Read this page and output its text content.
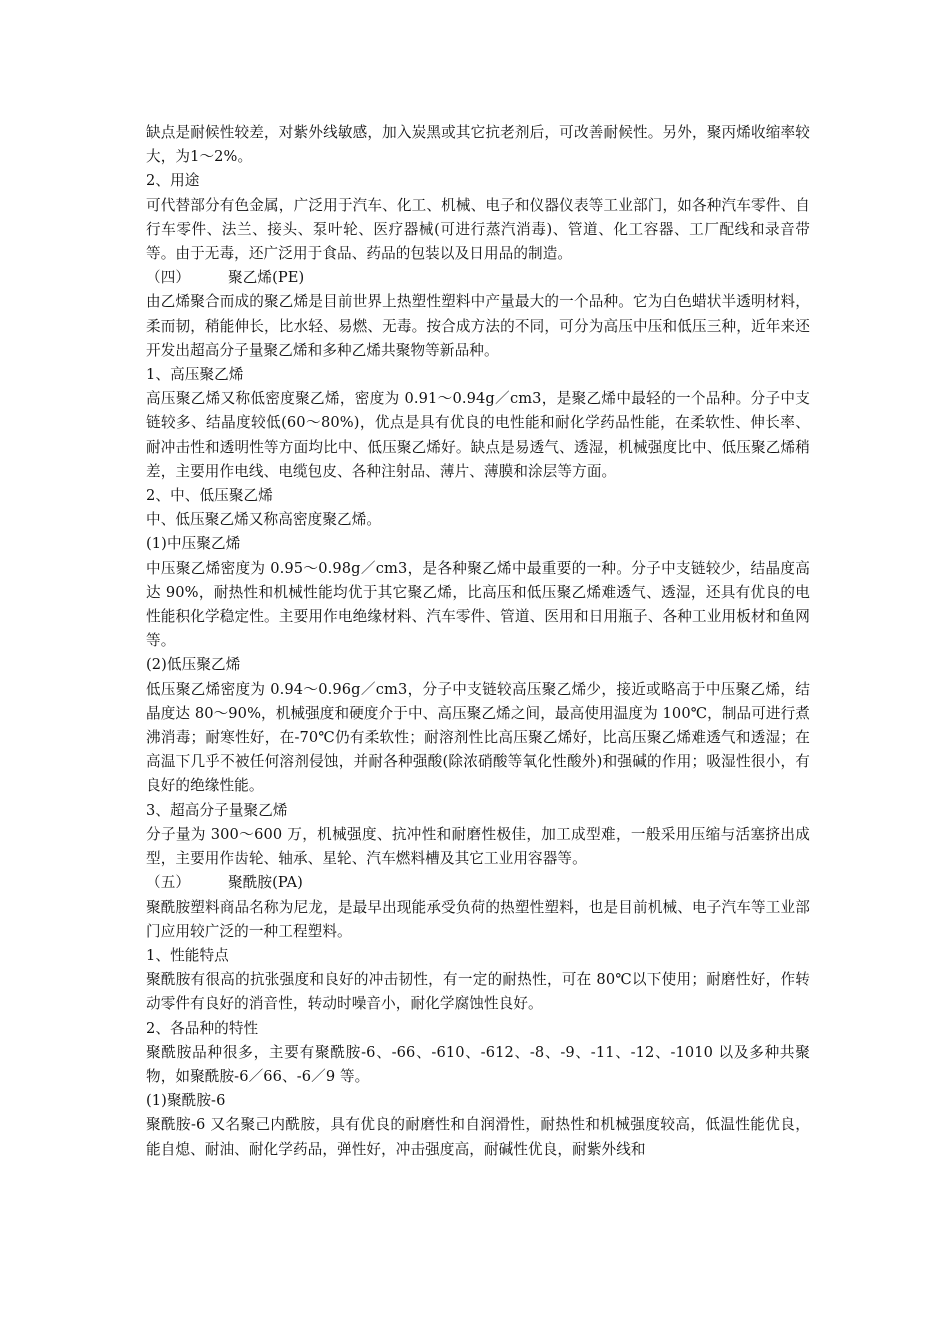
缺点是耐候性较差，对紫外线敏感，加入炭黑或其它抗老剂后，可改善耐候性。另外，聚丙烯收缩率较大，为1～2%。
2、用途
可代替部分有色金属，广泛用于汽车、化工、机械、电子和仪器仪表等工业部门，如各种汽车零件、自行车零件、法兰、接头、泵叶轮、医疗器械(可进行蒸汽消毒)、管道、化工容器、工厂配线和录音带等。由于无毒，还广泛用于食品、药品的包装以及日用品的制造。
（四）	聚乙烯(PE)
由乙烯聚合而成的聚乙烯是目前世界上热塑性塑料中产量最大的一个品种。它为白色蜡状半透明材料，柔而韧，稍能伸长，比水轻、易燃、无毒。按合成方法的不同，可分为高压中压和低压三种，近年来还开发出超高分子量聚乙烯和多种乙烯共聚物等新品种。
1、高压聚乙烯
高压聚乙烯又称低密度聚乙烯，密度为 0.91～0.94g／cm3，是聚乙烯中最轻的一个品种。分子中支链较多、结晶度较低(60～80%)，优点是具有优良的电性能和耐化学药品性能，在柔软性、伸长率、耐冲击性和透明性等方面均比中、低压聚乙烯好。缺点是易透气、透湿，机械强度比中、低压聚乙烯稍差，主要用作电线、电缆包皮、各种注射品、薄片、薄膜和涂层等方面。
2、中、低压聚乙烯
中、低压聚乙烯又称高密度聚乙烯。
(1)中压聚乙烯
中压聚乙烯密度为 0.95～0.98g／cm3，是各种聚乙烯中最重要的一种。分子中支链较少，结晶度高达 90%，耐热性和机械性能均优于其它聚乙烯，比高压和低压聚乙烯难透气、透湿，还具有优良的电性能积化学稳定性。主要用作电绝缘材料、汽车零件、管道、医用和日用瓶子、各种工业用板材和鱼网等。
(2)低压聚乙烯
低压聚乙烯密度为 0.94～0.96g／cm3，分子中支链较高压聚乙烯少，接近或略高于中压聚乙烯，结晶度达 80～90%，机械强度和硬度介于中、高压聚乙烯之间，最高使用温度为 100℃，制品可进行煮沸消毒；耐寒性好，在-70℃仍有柔软性；耐溶剂性比高压聚乙烯好，比高压聚乙烯难透气和透湿；在高温下几乎不被任何溶剂侵蚀，并耐各种强酸(除浓硝酸等氧化性酸外)和强碱的作用；吸湿性很小，有良好的绝缘性能。
3、超高分子量聚乙烯
分子量为 300～600 万，机械强度、抗冲性和耐磨性极佳，加工成型难，一般采用压缩与活塞挤出成型，主要用作齿轮、轴承、星轮、汽车燃料槽及其它工业用容器等。
（五）	聚酰胺(PA)
聚酰胺塑料商品名称为尼龙，是最早出现能承受负荷的热塑性塑料，也是目前机械、电子汽车等工业部门应用较广泛的一种工程塑料。
1、性能特点
聚酰胺有很高的抗张强度和良好的冲击韧性，有一定的耐热性，可在 80℃以下使用；耐磨性好，作转动零件有良好的消音性，转动时噪音小，耐化学腐蚀性良好。
2、各品种的特性
聚酰胺品种很多，主要有聚酰胺-6、-66、-610、-612、-8、-9、-11、-12、-1010 以及多种共聚物，如聚酰胺-6／66、-6／9 等。
(1)聚酰胺-6
聚酰胺-6 又名聚己内酰胺，具有优良的耐磨性和自润滑性，耐热性和机械强度较高，低温性能优良，能自熄、耐油、耐化学药品，弹性好，冲击强度高，耐碱性优良，耐紫外线和
